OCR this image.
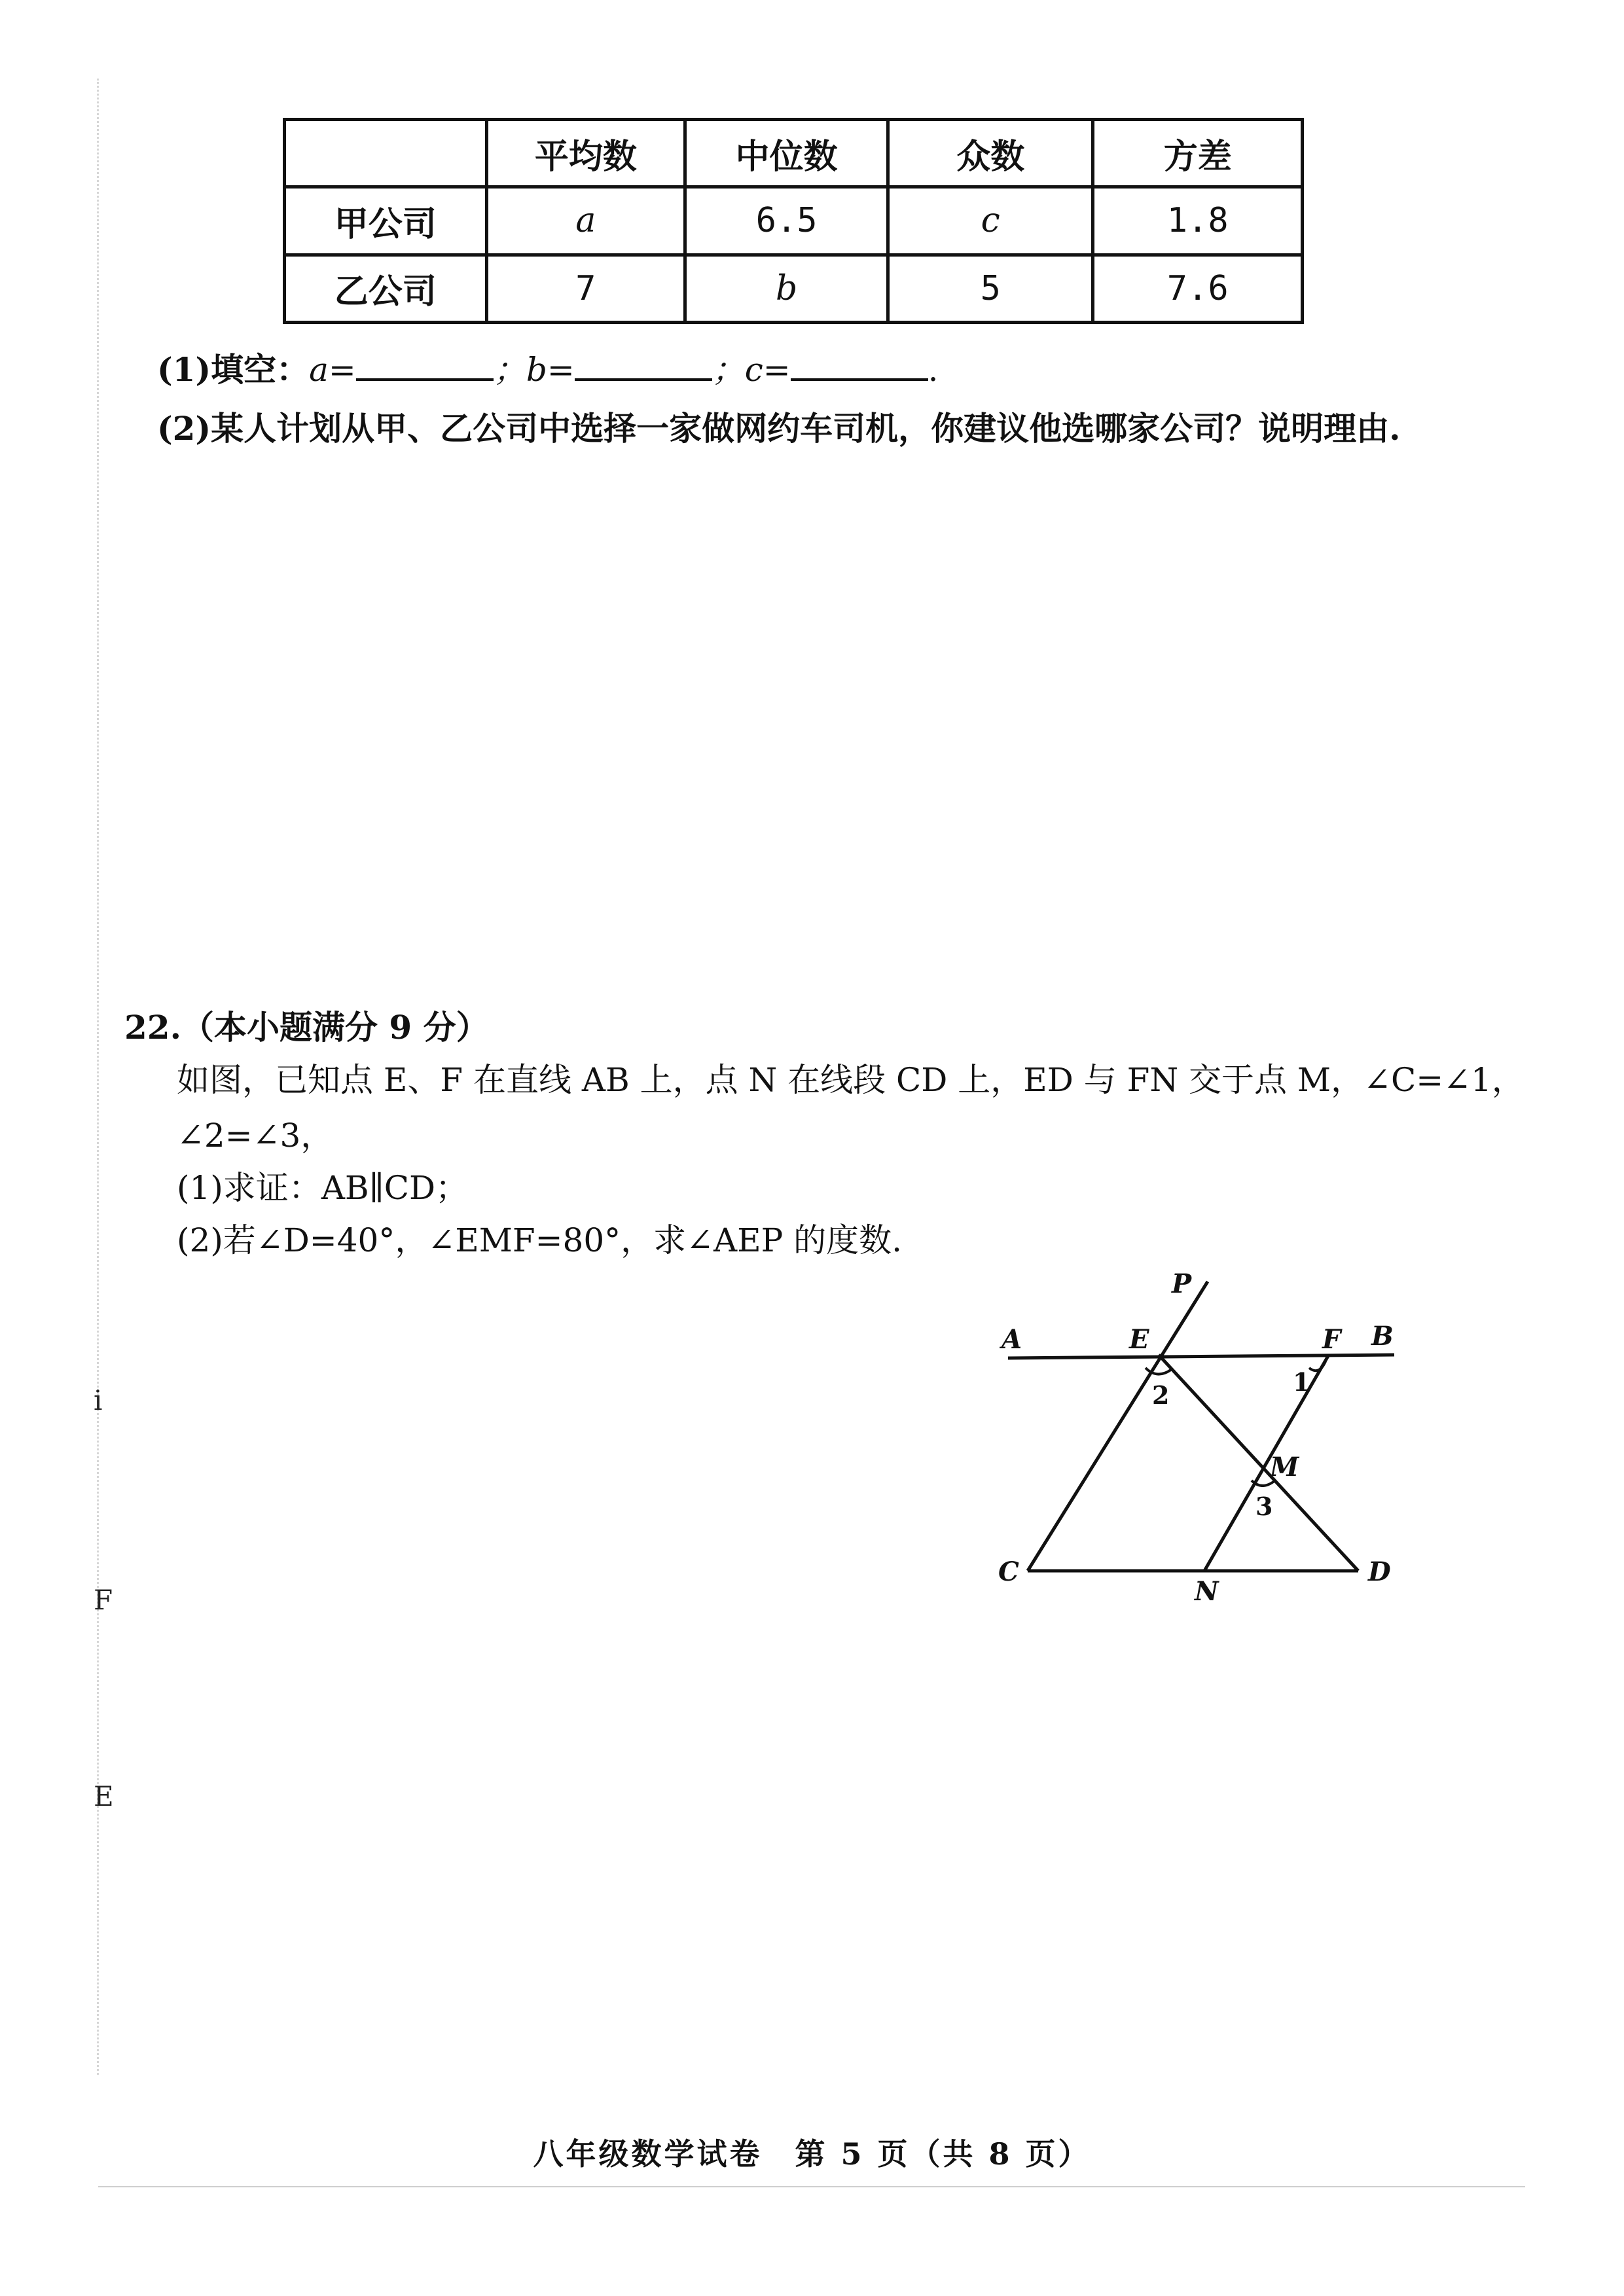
i
F
E
	平均数	中位数	众数	方差
甲公司	a	6.5	c	1.8
乙公司	7	b	5	7.6
(1)填空：a=	；b=	；c=	.
(2)某人计划从甲、乙公司中选择一家做网约车司机，你建议他选哪家公司？说明理由.
22.（本小题满分 9 分）
如图，已知点 E、F 在直线 AB 上，点 N 在线段 CD 上，ED 与 FN 交于点 M，∠C=∠1，
∠2=∠3，
(1)求证：AB∥CD；
(2)若∠D=40°，∠EMF=80°，求∠AEP 的度数.
P
A	E	F B
M
C
N
D
1
2
3
八年级数学试卷　第 5 页（共 8 页）
